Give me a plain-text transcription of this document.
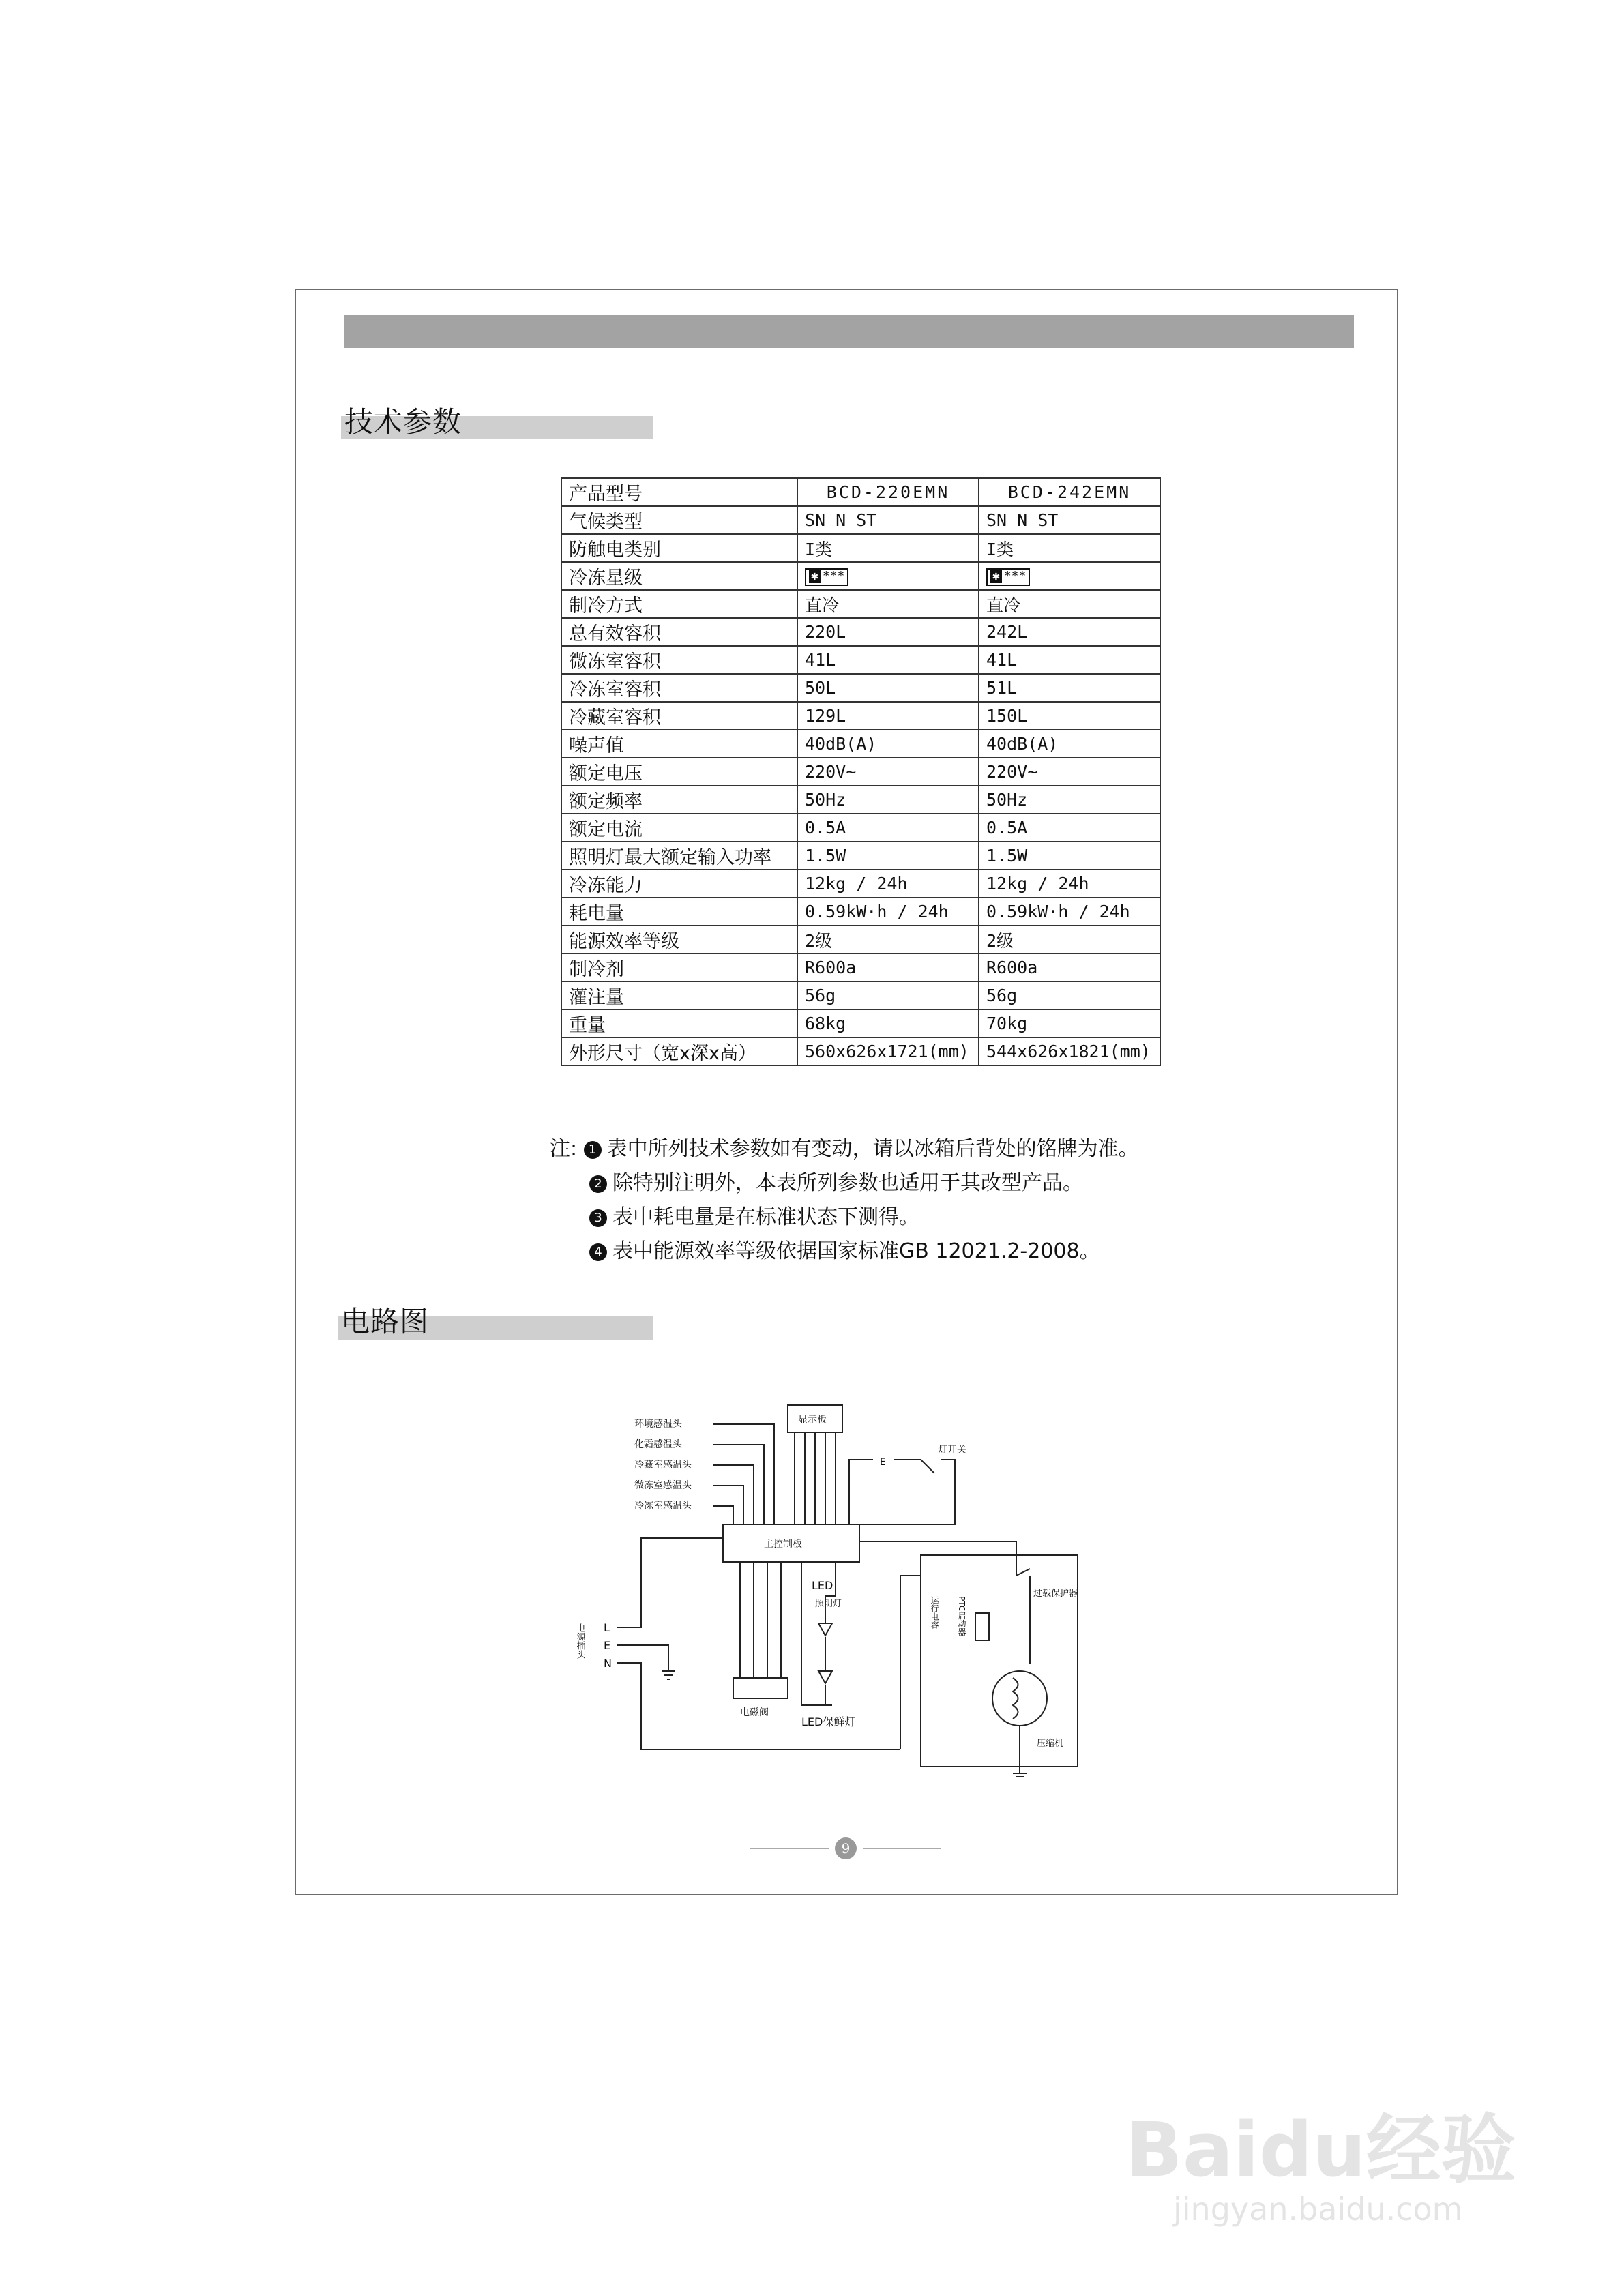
技术参数
产品型号	BCD-220EMN	BCD-242EMN
气候类型	SN N ST	SN N ST
防触电类别	I类	I类
冷冻星级	✱ ***	✱ ***
制冷方式	直冷	直冷
总有效容积	220L	242L
微冻室容积	41L	41L
冷冻室容积	50L	51L
冷藏室容积	129L	150L
噪声值	40dB(A)	40dB(A)
额定电压	220V~	220V~
额定频率	50Hz	50Hz
额定电流	0.5A	0.5A
照明灯最大额定输入功率	1.5W	1.5W
冷冻能力	12kg / 24h	12kg / 24h
耗电量	0.59kW·h / 24h	0.59kW·h / 24h
能源效率等级	2级	2级
制冷剂	R600a	R600a
灌注量	56g	56g
重量	68kg	70kg
外形尺寸（宽x深x高）	560x626x1721(mm)	544x626x1821(mm)
注: 1 表中所列技术参数如有变动，请以冰箱后背处的铭牌为准。
2 除特别注明外，本表所列参数也适用于其改型产品。
3 表中耗电量是在标准状态下测得。
4 表中能源效率等级依据国家标准GB 12021.2-2008。
电路图
环境感温头
化霜感温头
冷藏室感温头
微冻室感温头
冷冻室感温头
显示板
主控制板
E
灯开关
电源插头 L
E
N
电磁阀
LED
照明灯
LED保鲜灯
运行电容 PTC启动器
过载保护器
压缩机
9
Baidu经验
jingyan.baidu.com
